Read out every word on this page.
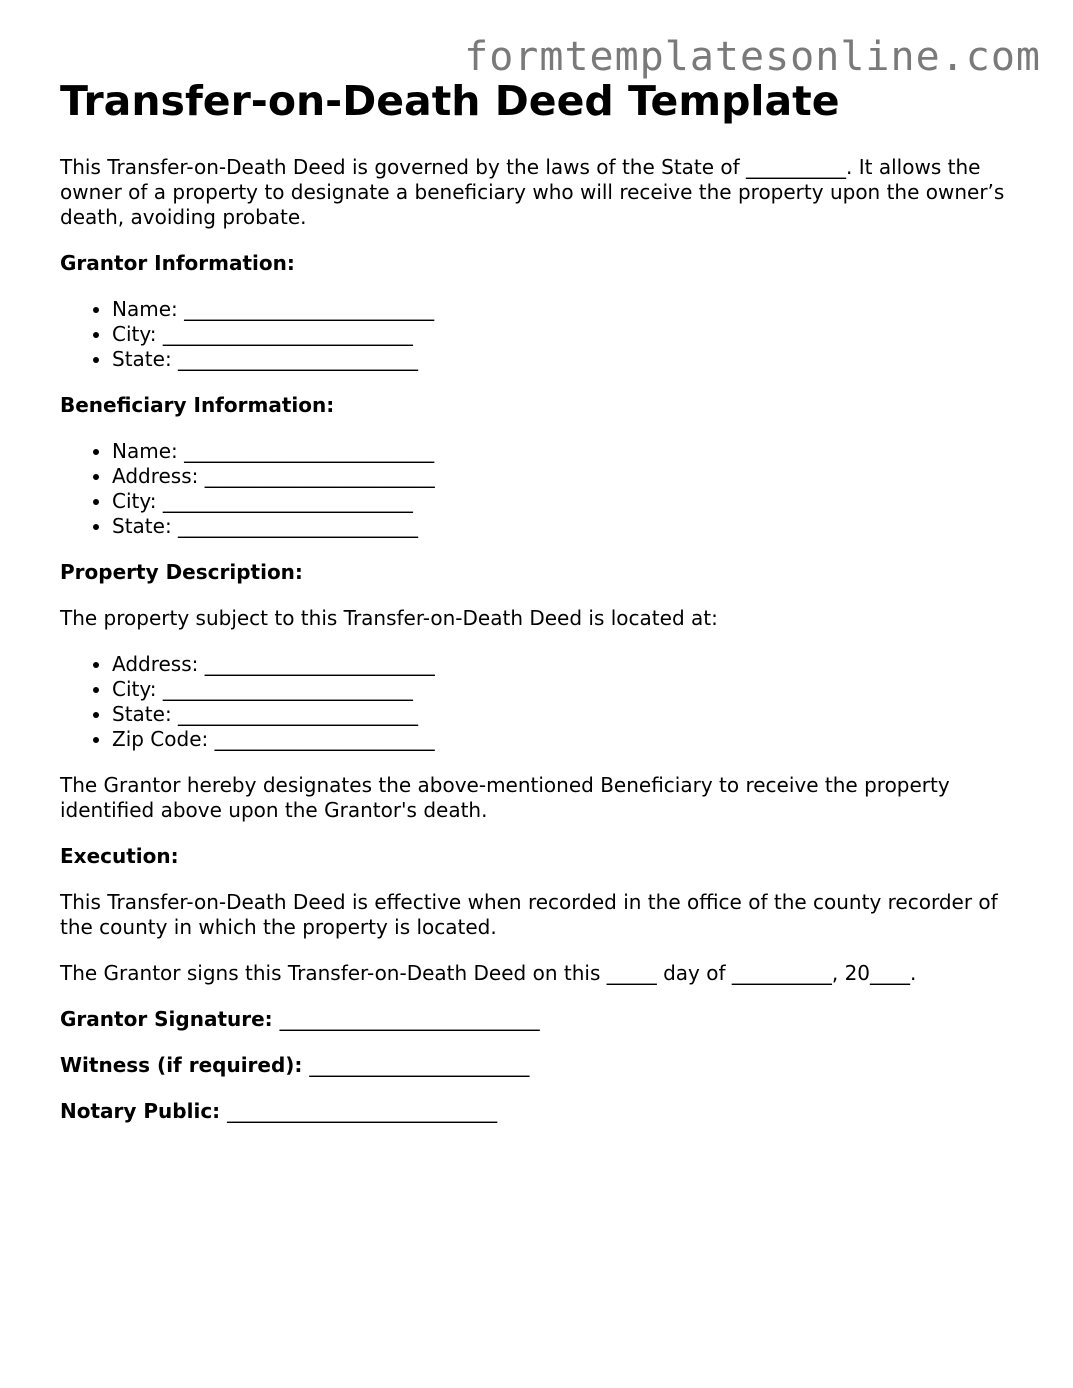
formtemplatesonline.com
Transfer-on-Death Deed Template

This Transfer-on-Death Deed is governed by the laws of the State of __________. It allows the owner of a property to designate a beneficiary who will receive the property upon the owner’s death, avoiding probate.

Grantor Information:

• Name: _________________________
• City: _________________________
• State: ________________________

Beneficiary Information:

• Name: _________________________
• Address: _______________________
• City: _________________________
• State: ________________________

Property Description:

The property subject to this Transfer-on-Death Deed is located at:

• Address: _______________________
• City: _________________________
• State: ________________________
• Zip Code: ______________________

The Grantor hereby designates the above-mentioned Beneficiary to receive the property identified above upon the Grantor's death.

Execution:

This Transfer-on-Death Deed is effective when recorded in the office of the county recorder of the county in which the property is located.

The Grantor signs this Transfer-on-Death Deed on this _____ day of __________, 20____.

Grantor Signature: __________________________

Witness (if required): ______________________

Notary Public: ___________________________
